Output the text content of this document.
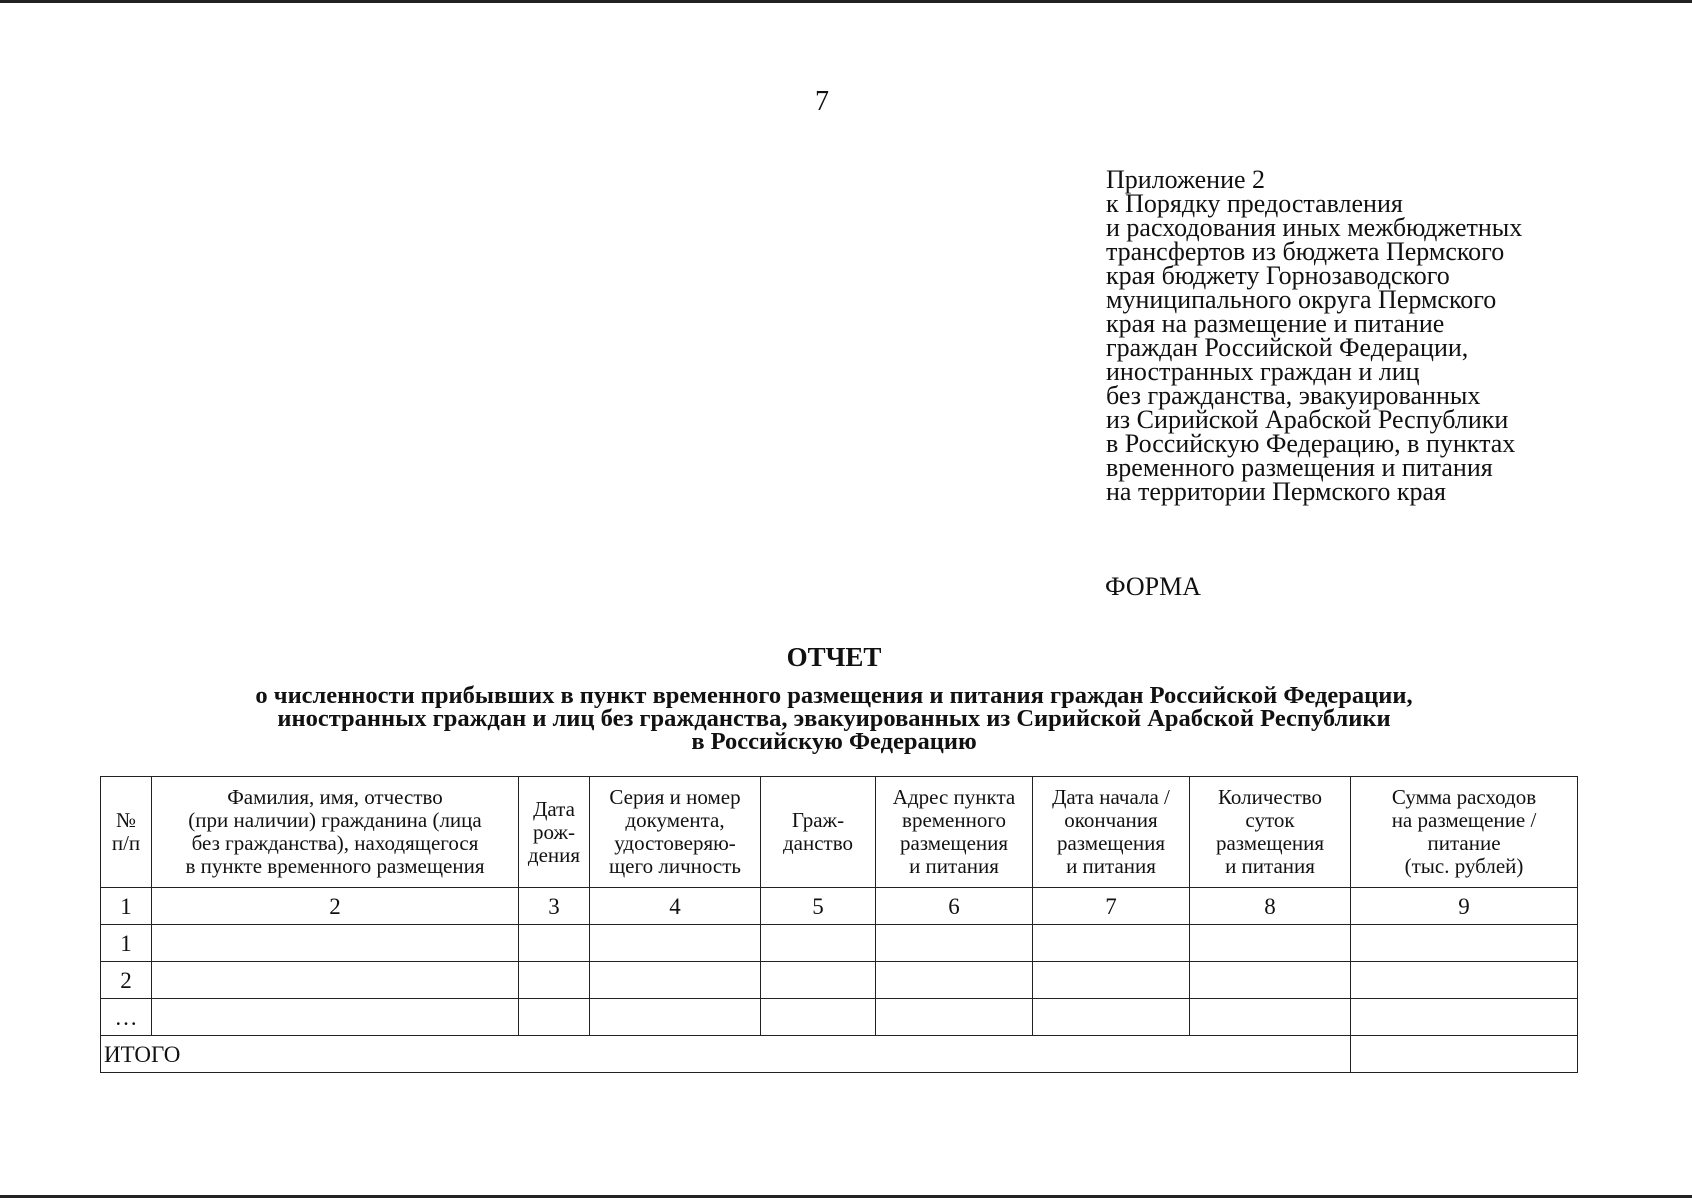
7
Приложение 2
к Порядку предоставления
и расходования иных межбюджетных
трансфертов из бюджета Пермского
края бюджету Горнозаводского
муниципального округа Пермского
края на размещение и питание
граждан Российской Федерации,
иностранных граждан и лиц
без гражданства, эвакуированных
из Сирийской Арабской Республики
в Российскую Федерацию, в пунктах
временного размещения и питания
на территории Пермского края
ФОРМА
ОТЧЕТ
о численности прибывших в пункт временного размещения и питания граждан Российской Федерации,
иностранных граждан и лиц без гражданства, эвакуированных из Сирийской Арабской Республики
в Российскую Федерацию
№
п/п	Фамилия, имя, отчество
(при наличии) гражданина (лица
без гражданства), находящегося
в пункте временного размещения	Дата
рож-
дения	Серия и номер
документа,
удостоверяю-
щего личность	Граж-
данство	Адрес пункта
временного
размещения
и питания	Дата начала /
окончания
размещения
и питания	Количество
суток
размещения
и питания	Сумма расходов
на размещение /
питание
(тыс. рублей)

1	2	3	4	5	6	7	8	9
1								
2								
…								
ИТОГО								
